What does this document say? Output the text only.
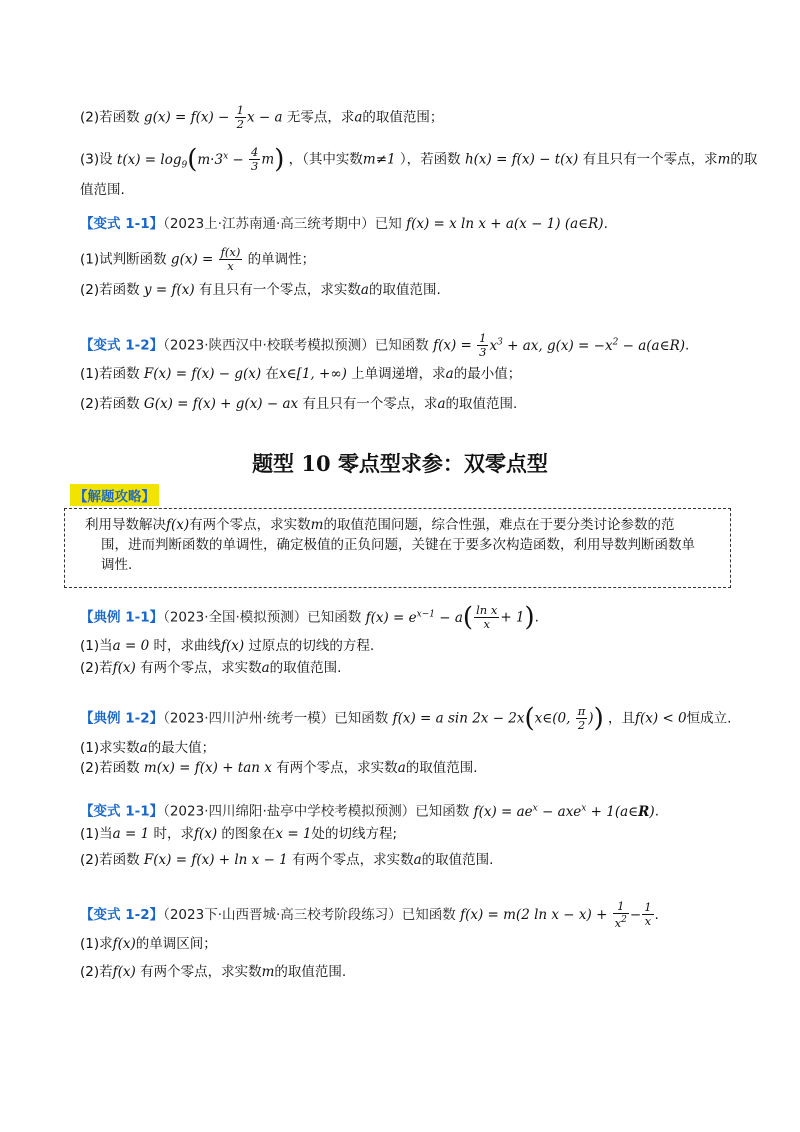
(2)若函数 $g(x) = f(x) - \frac{1}{2}$ x − a 无零点，求a的取值范围；
(3)设 $t(x) = \log_9(m\cdot 3^x - \frac{4}{3} m)$ ，（其中实数m≠1 ），若函数 h(x) = f(x) − t(x) 有且只有一个零点，求m的取
值范围.
【变式 1-1】（2023上·江苏南通·高三统考期中）已知 f(x) = x ln x + a(x − 1) (a∈R).
(1)试判断函数 $g(x) = \frac{f(x)}{x}$ 的单调性；
(2)若函数 y = f(x) 有且只有一个零点，求实数a的取值范围.
【变式 1-2】（2023·陕西汉中·校联考模拟预测）已知函数 $f(x) = \frac{1}{3} x^3$ + ax, $g(x) = -x^2$ − a(a∈R).
(1)若函数 F(x) = f(x) − g(x) 在x∈[1, +∞) 上单调递增，求a的最小值；
(2)若函数 G(x) = f(x) + g(x) − ax 有且只有一个零点，求a的取值范围.
题型 10 零点型求参：双零点型
【解题攻略】
利用导数解决f(x)有两个零点，求实数m的取值范围问题，综合性强，难点在于要分类讨论参数的范
围，进而判断函数的单调性，确定极值的正负问题，关键在于要多次构造函数，利用导数判断函数单
调性.
【典例 1-1】（2023·全国·模拟预测）已知函数 $f(x) = e^{x-1} - a( \frac{\text{ln x}}{x} + 1)$.
(1)当a = 0 时，求曲线f(x) 过原点的切线的方程.
(2)若f(x) 有两个零点，求实数a的取值范围.
【典例 1-2】（2023·四川泸州·统考一模）已知函数 f(x) = a sin 2x − 2x(x∈(0, $\frac{\pi}{2}$ )) ，且f(x) < 0恒成立.
(1)求实数a的最大值；
(2)若函数 m(x) = f(x) + tan x 有两个零点，求实数a的取值范围.
【变式 1-1】（2023·四川绵阳·盐亭中学校考模拟预测）已知函数 $f(x) = ae^x - axe^x$ + 1(a∈R).
(1)当a = 1 时，求f(x) 的图象在x = 1处的切线方程;
(2)若函数 F(x) = f(x) + ln x − 1 有两个零点，求实数a的取值范围.
【变式 1-2】（2023下·山西晋城·高三校考阶段练习）已知函数 f(x) = m(2 $\ln x - x) + \frac{1}{x^2} - \frac{1}{x}$ .
(1)求f(x)的单调区间；
(2)若f(x) 有两个零点，求实数m的取值范围.
